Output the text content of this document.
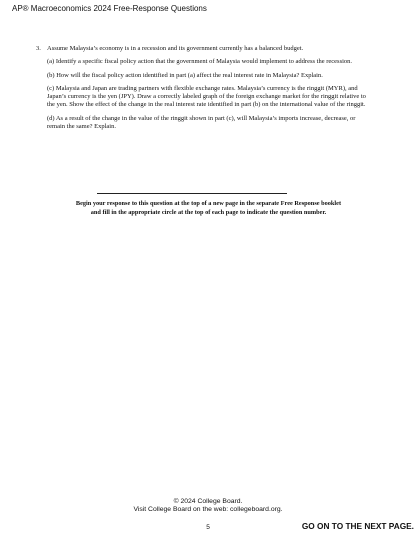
AP® Macroeconomics 2024 Free-Response Questions

3. Assume Malaysia’s economy is in a recession and its government currently has a balanced budget.

(a) Identify a specific fiscal policy action that the government of Malaysia would implement to address the recession.

(b) How will the fiscal policy action identified in part (a) affect the real interest rate in Malaysia? Explain.

(c) Malaysia and Japan are trading partners with flexible exchange rates. Malaysia’s currency is the ringgit (MYR), and Japan’s currency is the yen (JPY). Draw a correctly labeled graph of the foreign exchange market for the ringgit relative to the yen. Show the effect of the change in the real interest rate identified in part (b) on the international value of the ringgit.

(d) As a result of the change in the value of the ringgit shown in part (c), will Malaysia’s imports increase, decrease, or remain the same? Explain.

Begin your response to this question at the top of a new page in the separate Free Response booklet
and fill in the appropriate circle at the top of each page to indicate the question number.
© 2024 College Board.
Visit College Board on the web: collegeboard.org.
5	GO ON TO THE NEXT PAGE.
